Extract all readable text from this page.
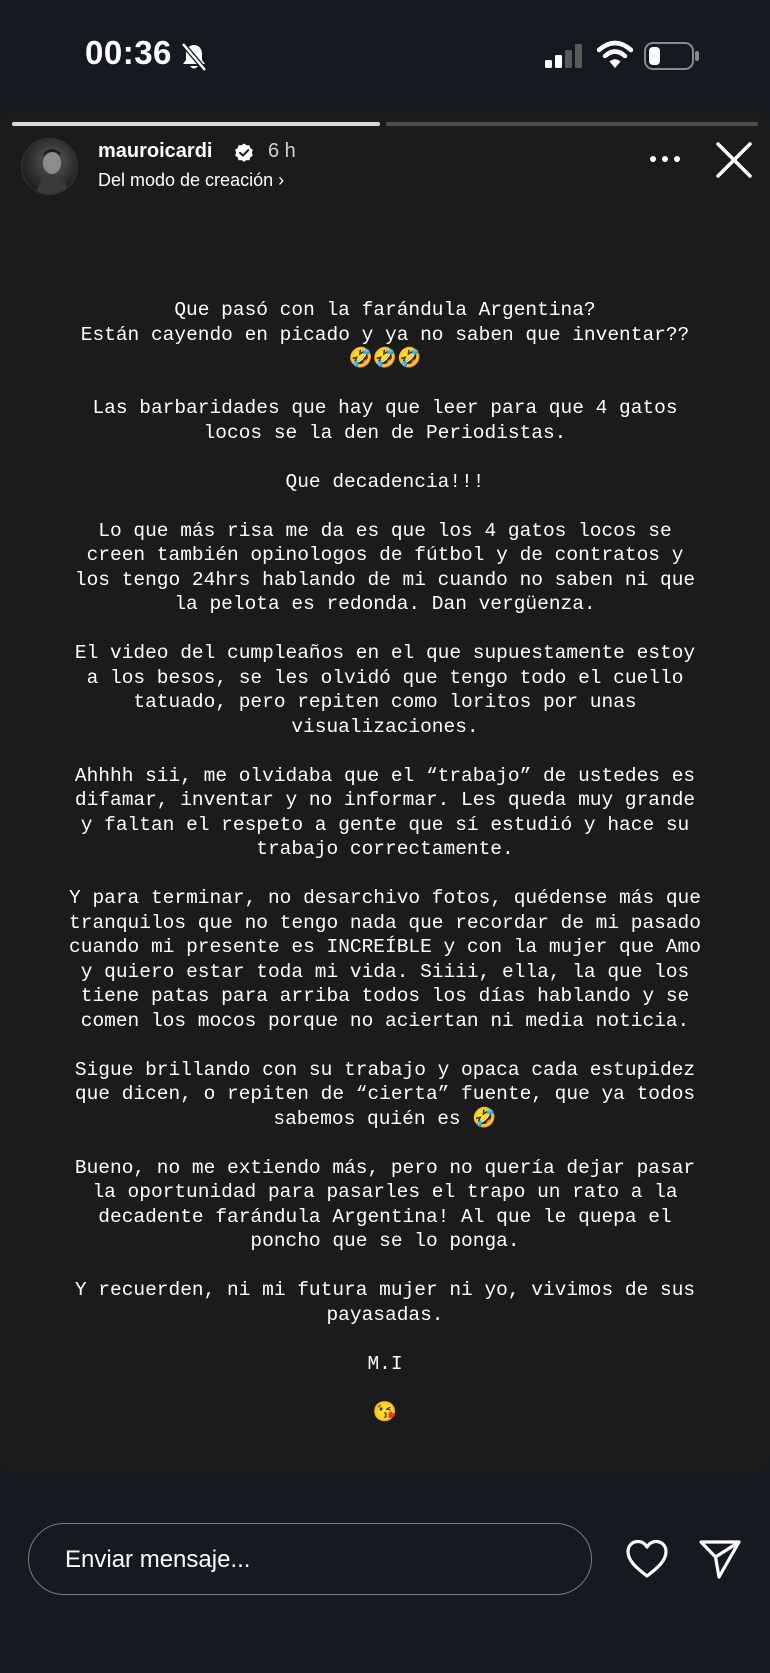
00:36
mauroicardi	6 h
Del modo de creación ›

Que pasó con la farándula Argentina?
Están cayendo en picado y ya no saben que inventar??
🤣🤣🤣

Las barbaridades que hay que leer para que 4 gatos
locos se la den de Periodistas.

Que decadencia!!!

Lo que más risa me da es que los 4 gatos locos se
creen también opinologos de fútbol y de contratos y
los tengo 24hrs hablando de mi cuando no saben ni que
la pelota es redonda. Dan vergüenza.

El video del cumpleaños en el que supuestamente estoy
a los besos, se les olvidó que tengo todo el cuello
tatuado, pero repiten como loritos por unas
visualizaciones.

Ahhhh sii, me olvidaba que el “trabajo” de ustedes es
difamar, inventar y no informar. Les queda muy grande
y faltan el respeto a gente que sí estudió y hace su
trabajo correctamente.

Y para terminar, no desarchivo fotos, quédense más que
tranquilos que no tengo nada que recordar de mi pasado
cuando mi presente es INCREÍBLE y con la mujer que Amo
y quiero estar toda mi vida. Siiii, ella, la que los
tiene patas para arriba todos los días hablando y se
comen los mocos porque no aciertan ni media noticia.

Sigue brillando con su trabajo y opaca cada estupidez
que dicen, o repiten de “cierta” fuente, que ya todos
sabemos quién es 🤣

Bueno, no me extiendo más, pero no quería dejar pasar
la oportunidad para pasarles el trapo un rato a la
decadente farándula Argentina! Al que le quepa el
poncho que se lo ponga.

Y recuerden, ni mi futura mujer ni yo, vivimos de sus
payasadas.

M.I

😘

Enviar mensaje...
